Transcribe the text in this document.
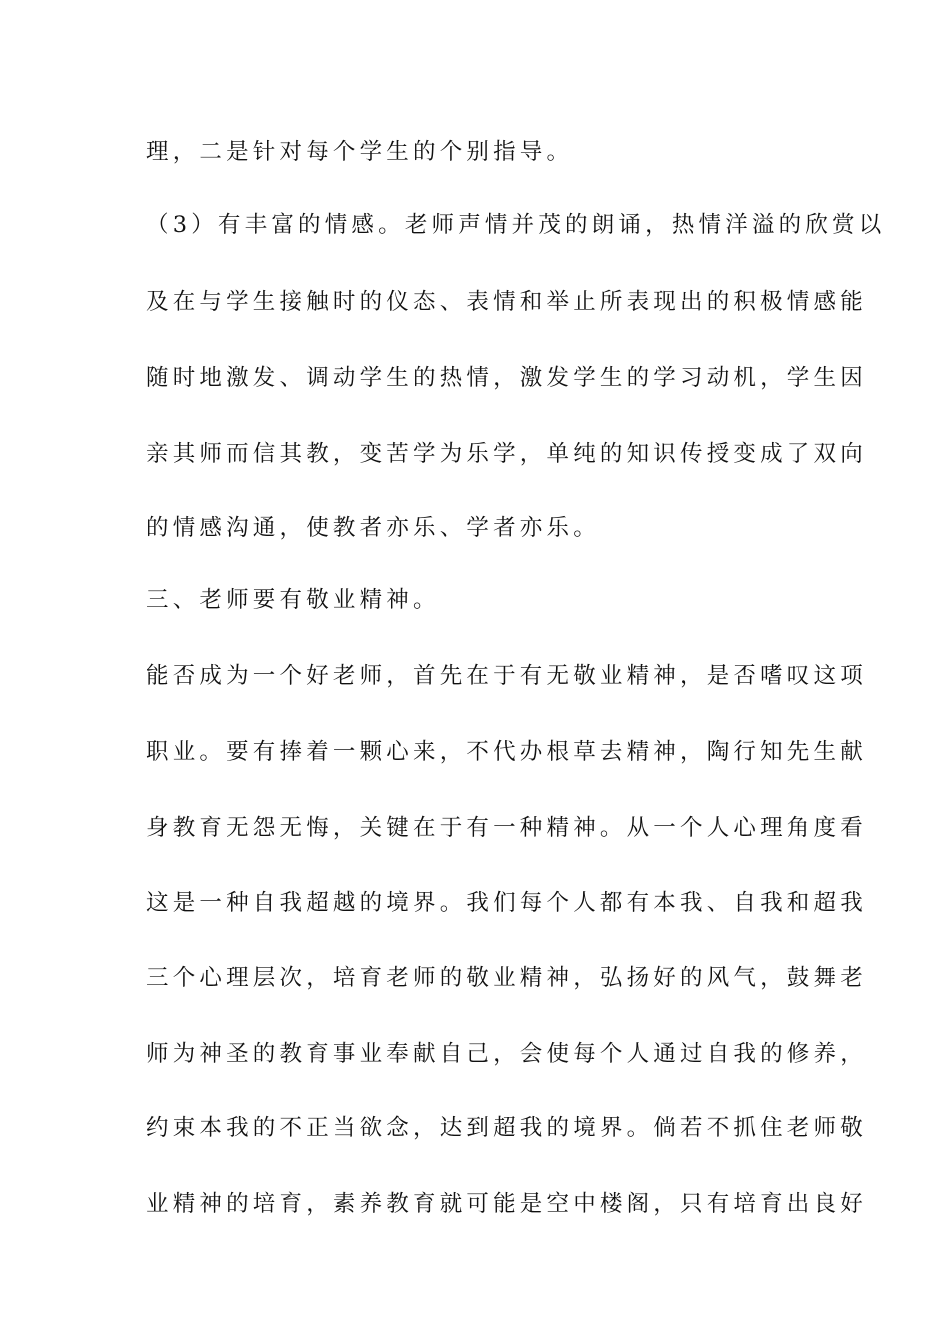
理，二是针对每个学生的个别指导。
（3）有丰富的情感。老师声情并茂的朗诵，热情洋溢的欣赏以
及在与学生接触时的仪态、表情和举止所表现出的积极情感能
随时地激发、调动学生的热情，激发学生的学习动机，学生因
亲其师而信其教，变苦学为乐学，单纯的知识传授变成了双向
的情感沟通，使教者亦乐、学者亦乐。
三、老师要有敬业精神。
能否成为一个好老师，首先在于有无敬业精神，是否嗜叹这项
职业。要有捧着一颗心来，不代办根草去精神，陶行知先生献
身教育无怨无悔，关键在于有一种精神。从一个人心理角度看
这是一种自我超越的境界。我们每个人都有本我、自我和超我
三个心理层次，培育老师的敬业精神，弘扬好的风气，鼓舞老
师为神圣的教育事业奉献自己，会使每个人通过自我的修养，
约束本我的不正当欲念，达到超我的境界。倘若不抓住老师敬
业精神的培育，素养教育就可能是空中楼阁，只有培育出良好
